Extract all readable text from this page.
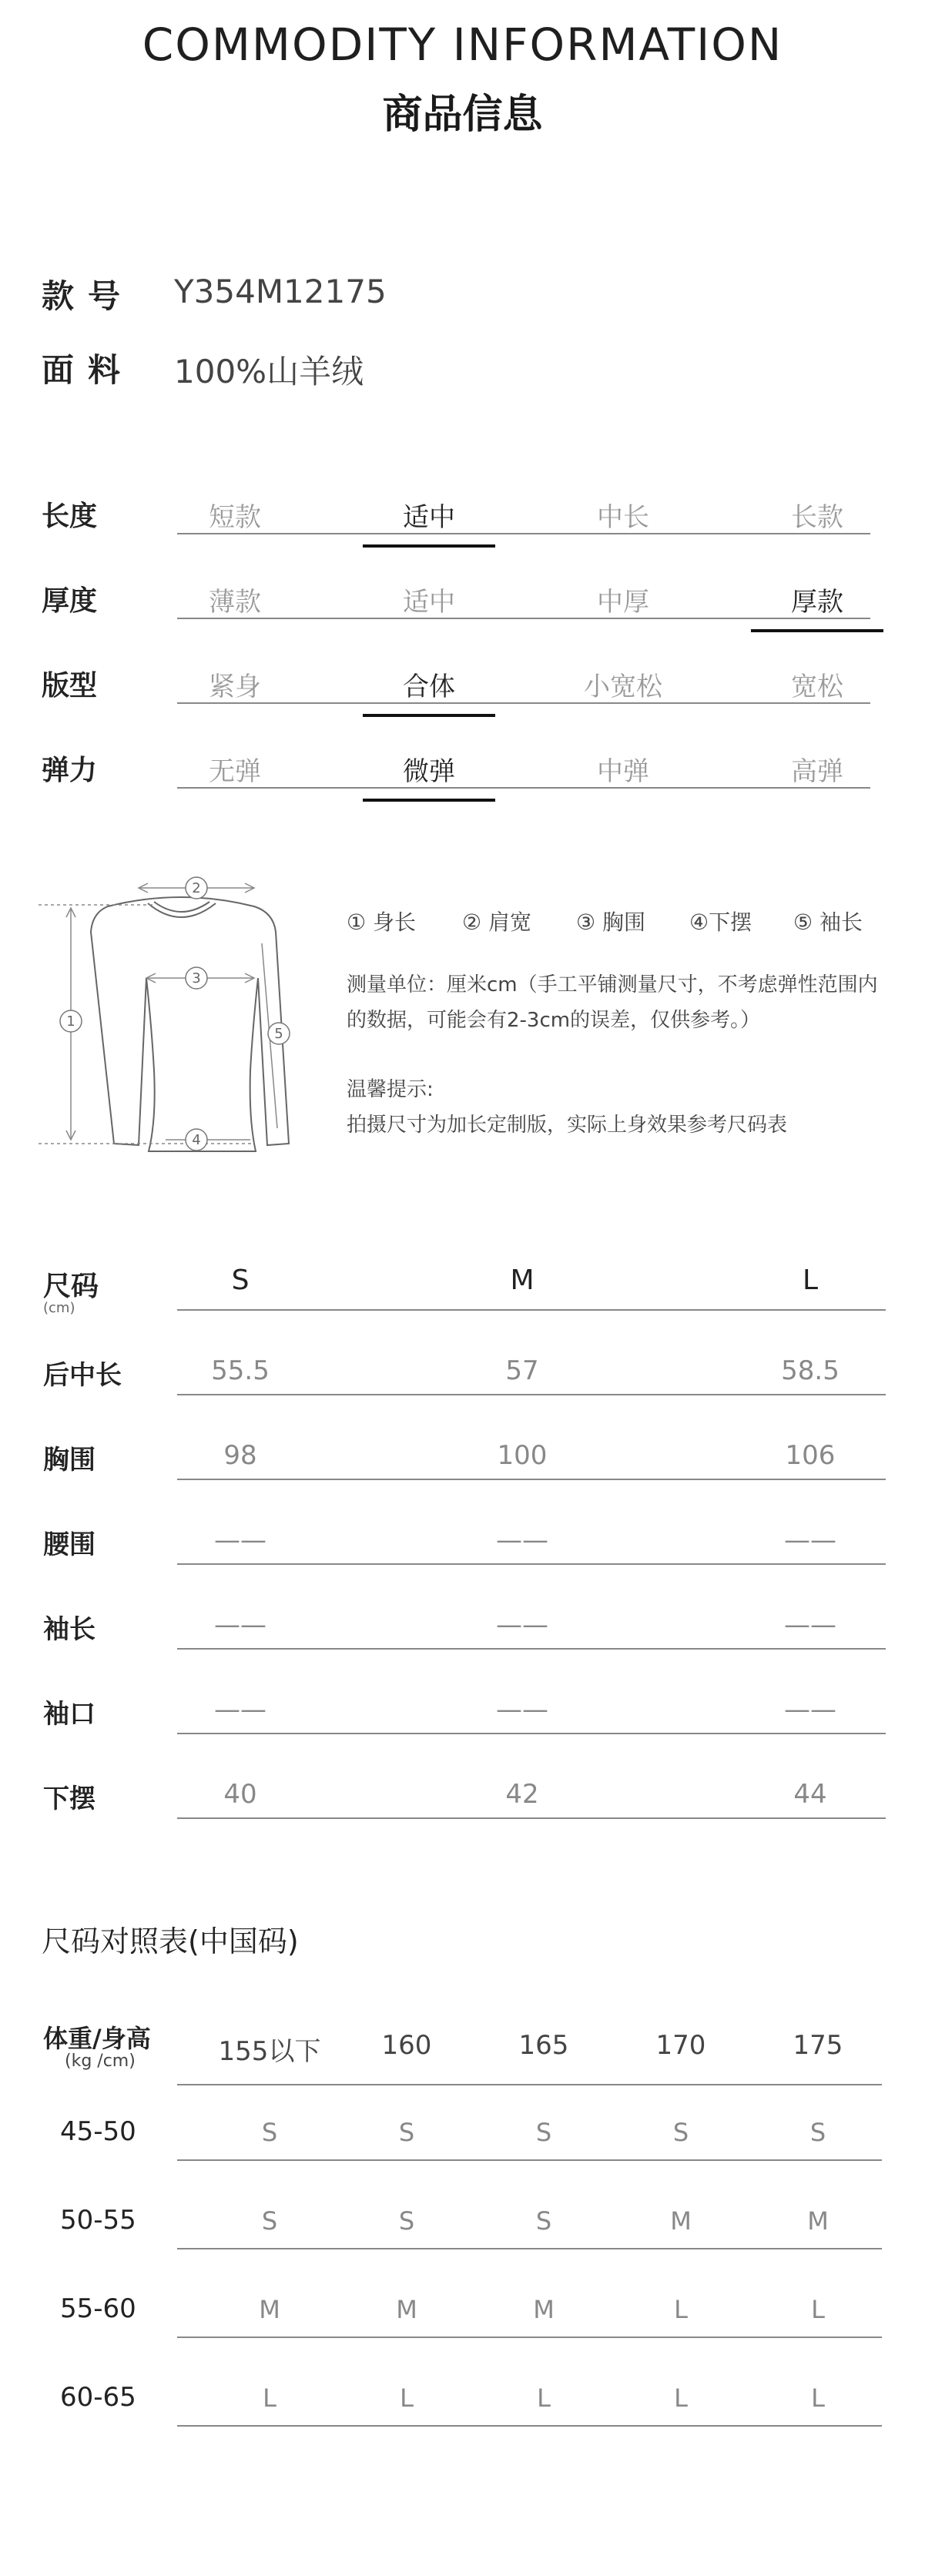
COMMODITY INFORMATION
商品信息
款号 Y354M12175
面料 100%山羊绒
长度	短款	适中	中长	长款
厚度	薄款	适中	中厚	厚款
版型	紧身	合体	小宽松	宽松
弹力	无弹	微弹	中弹	高弹
1
2
3
4
5
① 身长 ② 肩宽 ③ 胸围 ④下摆 ⑤ 袖长
测量单位：厘米cm（手工平铺测量尺寸，不考虑弹性范围内
的数据，可能会有2-3cm的误差，仅供参考。）
温馨提示:
拍摄尺寸为加长定制版，实际上身效果参考尺码表
尺码
(cm)
S	M	L
后中长	55.5	57	58.5
胸围	98	100	106
腰围	——	——	——
袖长	——	——	——
袖口	——	——	——
下摆	40	42	44
尺码对照表(中国码)
体重/身高
(kg /cm)	155以下	160	165	170	175
45-50	S	S	S	S	S
50-55	S	S	S	M	M
55-60	M	M	M	L	L
60-65	L	L	L	L	L
